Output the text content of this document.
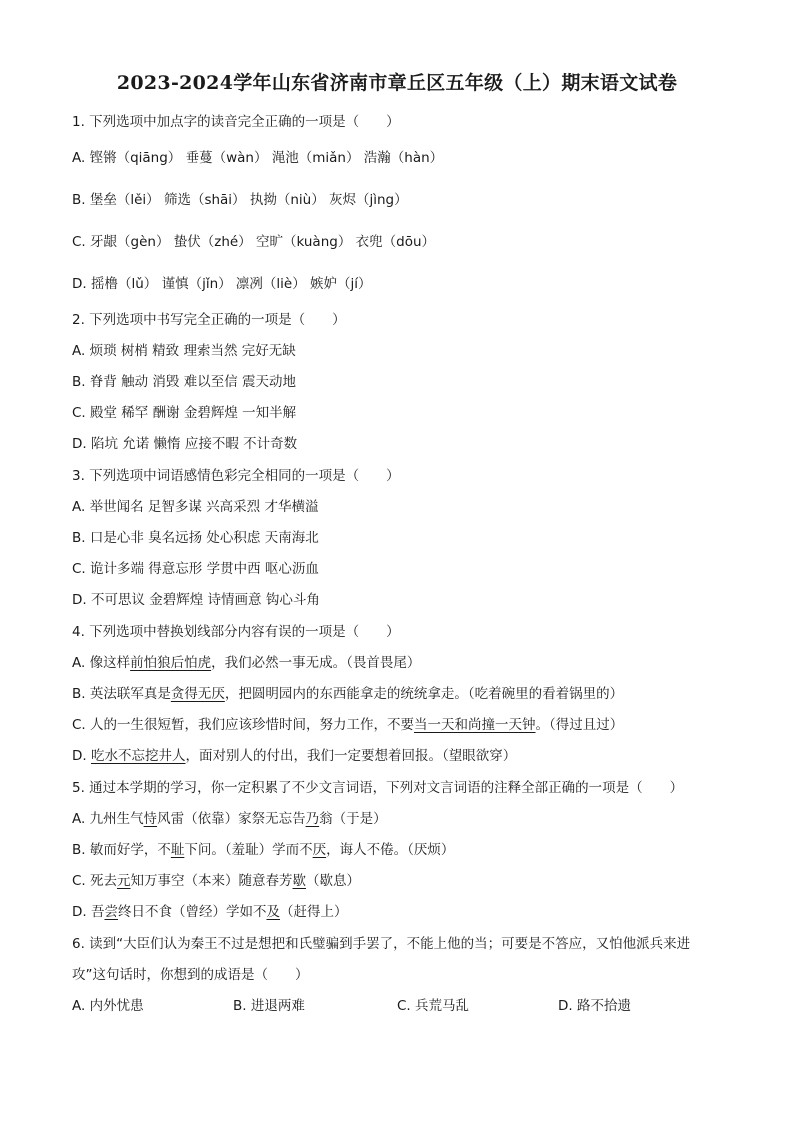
2023-2024学年山东省济南市章丘区五年级（上）期末语文试卷
1. 下列选项中加点字的读音完全正确的一项是（　　）
A. 铿锵（qiāng） 垂蔓（wàn） 渑池（miǎn） 浩瀚（hàn）
B. 堡垒（lěi） 筛选（shāi） 执拗（niù） 灰烬（jìng）
C. 牙龈（gèn） 蛰伏（zhé） 空旷（kuàng） 衣兜（dōu）
D. 摇橹（lǔ） 谨慎（jǐn） 凛冽（liè） 嫉妒（jí）
2. 下列选项中书写完全正确的一项是（　　）
A. 烦琐 树梢 精致 理索当然 完好无缺
B. 脊背 触动 消毁 难以至信 震天动地
C. 殿堂 稀罕 酬谢 金碧辉煌 一知半解
D. 陷坑 允诺 懒惰 应接不暇 不计奇数
3. 下列选项中词语感情色彩完全相同的一项是（　　）
A. 举世闻名 足智多谋 兴高采烈 才华横溢
B. 口是心非 臭名远扬 处心积虑 天南海北
C. 诡计多端 得意忘形 学贯中西 呕心沥血
D. 不可思议 金碧辉煌 诗情画意 钩心斗角
4. 下列选项中替换划线部分内容有误的一项是（　　）
A. 像这样前怕狼后怕虎，我们必然一事无成。（畏首畏尾）
B. 英法联军真是贪得无厌，把圆明园内的东西能拿走的统统拿走。（吃着碗里的看着锅里的）
C. 人的一生很短暂，我们应该珍惜时间，努力工作，不要当一天和尚撞一天钟。（得过且过）
D. 吃水不忘挖井人，面对别人的付出，我们一定要想着回报。（望眼欲穿）
5. 通过本学期的学习，你一定积累了不少文言词语，下列对文言词语的注释全部正确的一项是（　　）
A. 九州生气恃风雷（依靠）家祭无忘告乃翁（于是）
B. 敏而好学，不耻下问。（羞耻）学而不厌，诲人不倦。（厌烦）
C. 死去元知万事空（本来）随意春芳歇（歇息）
D. 吾尝终日不食（曾经）学如不及（赶得上）
6. 读到“大臣们认为秦王不过是想把和氏璧骗到手罢了，不能上他的当；可要是不答应，又怕他派兵来进
攻”这句话时，你想到的成语是（　　）
A. 内外忧患	B. 进退两难	C. 兵荒马乱	D. 路不拾遗
